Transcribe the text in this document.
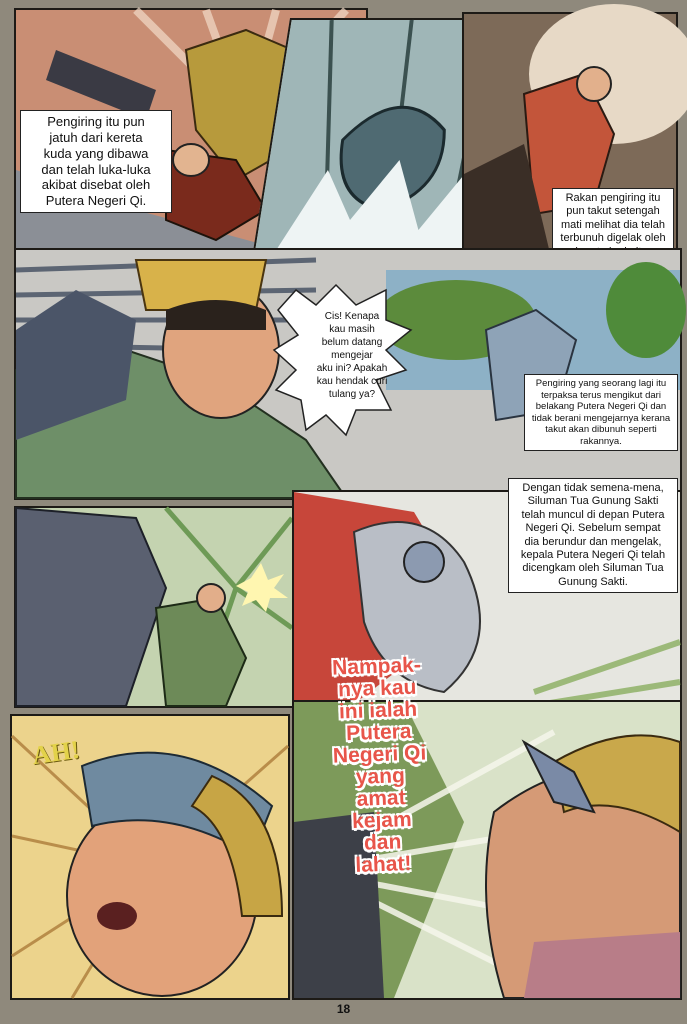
Pengiring itu pun
jatuh dari kereta
kuda yang dibawa
dan telah luka-luka
akibat disebat oleh
Putera Negeri Qi.	Rakan pengiring itu
pun takut setengah
mati melihat dia telah
terbunuh digelak oleh

Cis! Kenapa
kau masih
belum datang
mengejar
aku ini? Apakah
kau hendak curi
tulang ya?
Pengiring yang seorang lagi itu
terpaksa terus mengikut dari
belakang Putera Negeri Qi dan
tidak berani mengejarnya kerana
takut akan dibunuh seperti
rakannya.
Dengan tidak semena-mena,
Siluman Tua Gunung Sakti
telah muncul di depan Putera
Negeri Qi. Sebelum sempat
dia berundur dan mengelak,
kepala Putera Negeri Qi telah
dicengkam oleh Siluman Tua
Gunung Sakti.
AH!
Nampak-
nya kau
ini ialah
Putera
Negeri Qi
yang
amat
kejam
dan
lahat!
18
